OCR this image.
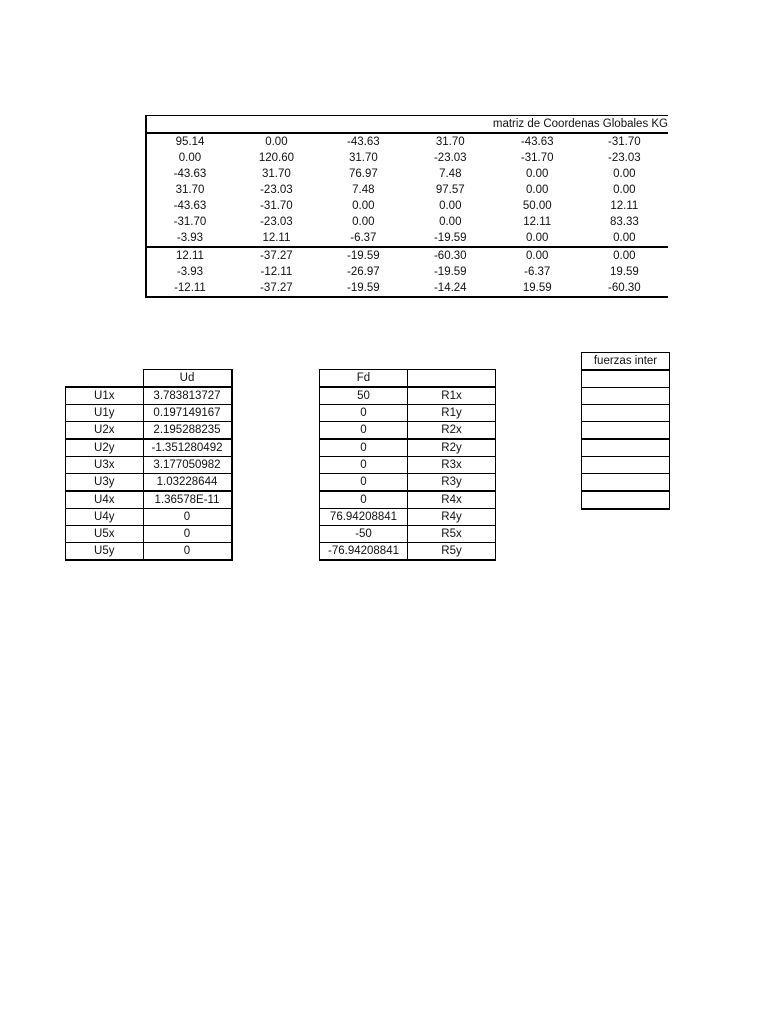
matriz de Coordenas Globales KG					
95.14	0.00	-43.63	31.70	-43.63	-31.70
0.00	120.60	31.70	-23.03	-31.70	-23.03
-43.63	31.70	76.97	7.48	0.00	0.00
31.70	-23.03	7.48	97.57	0.00	0.00
-43.63	-31.70	0.00	0.00	50.00	12.11
-31.70	-23.03	0.00	0.00	12.11	83.33
-3.93	12.11	-6.37	-19.59	0.00	0.00
12.11	-37.27	-19.59	-60.30	0.00	0.00
-3.93	-12.11	-26.97	-19.59	-6.37	19.59
-12.11	-37.27	-19.59	-14.24	19.59	-60.30
	Ud
U1x	3.783813727
U1y	0.197149167
U2x	2.195288235
U2y	-1.351280492
U3x	3.177050982
U3y	1.03228644
U4x	1.36578E-11
U4y	0
U5x	0
U5y	0
Fd	
50	R1x
0	R1y
0	R2x
0	R2y
0	R3x
0	R3y
0	R4x
76.94208841	R4y
-50	R5x
-76.94208841	R5y
fuerzas inter
